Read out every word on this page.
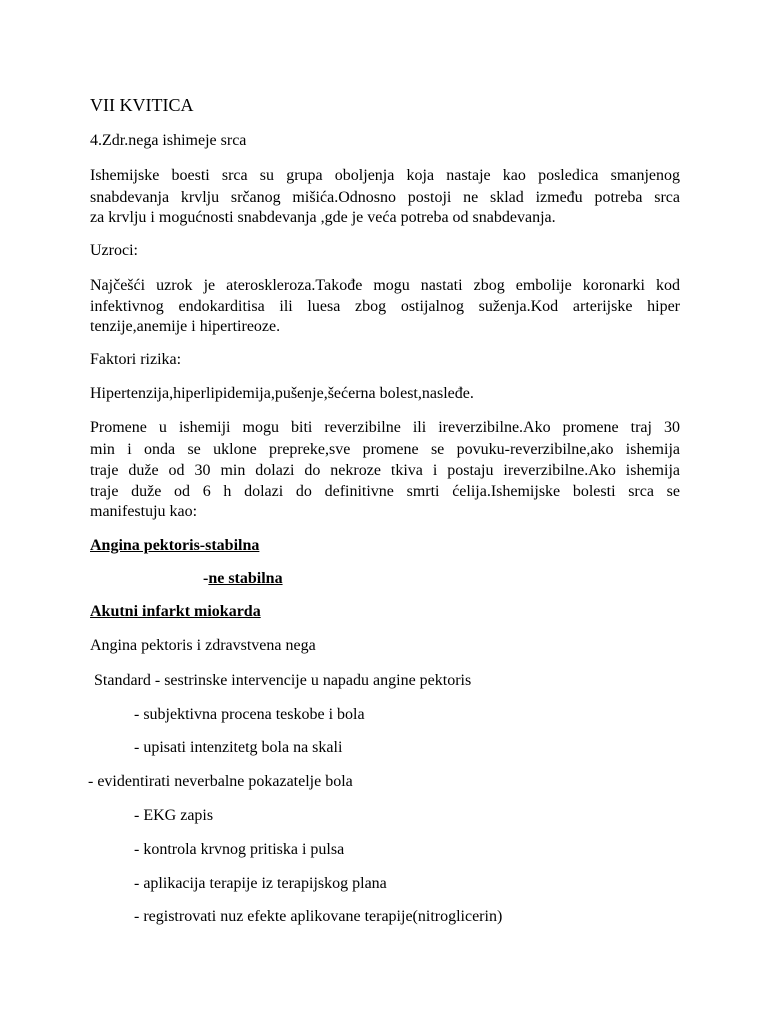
VII KVITICA
4.Zdr.nega ishimeje srca
Ishemijske boesti srca su grupa oboljenja koja nastaje kao posledica smanjenog
snabdevanja krvlju srčanog mišića.Odnosno postoji ne sklad između potreba srca
za krvlju i mogućnosti snabdevanja ,gde je veća potreba od snabdevanja.
Uzroci:
Najčešći uzrok je ateroskleroza.Takođe mogu nastati zbog embolije koronarki kod
infektivnog endokarditisa ili luesa zbog ostijalnog suženja.Kod arterijske hiper
tenzije,anemije i hipertireoze.
Faktori rizika:
Hipertenzija,hiperlipidemija,pušenje,šećerna bolest,nasleđe.
Promene u ishemiji mogu biti reverzibilne ili ireverzibilne.Ako promene traj 30
min i onda se uklone prepreke,sve promene se povuku-reverzibilne,ako ishemija
traje duže od 30 min dolazi do nekroze tkiva i postaju ireverzibilne.Ako ishemija
traje duže od 6 h dolazi do definitivne smrti ćelija.Ishemijske bolesti srca se
manifestuju kao:
Angina pektoris-stabilna
-ne stabilna
Akutni infarkt miokarda
Angina pektoris i zdravstvena nega
Standard - sestrinske intervencije u napadu angine pektoris
- subjektivna procena teskobe i bola
- upisati intenzitetg bola na skali
- evidentirati neverbalne pokazatelje bola
- EKG zapis
- kontrola krvnog pritiska i pulsa
- aplikacija terapije iz terapijskog plana
- registrovati nuz efekte aplikovane terapije(nitroglicerin)
